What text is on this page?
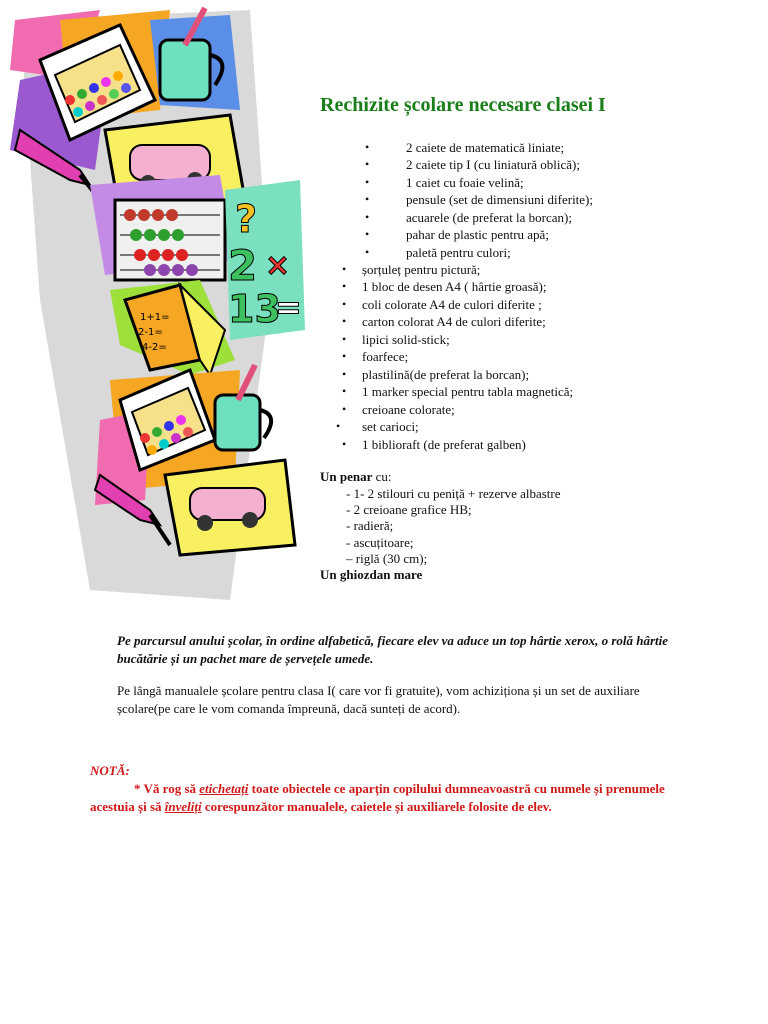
?
2 ×
13
=
1+1=
2-1=
4-2=
Rechizite școlare necesare clasei I
•	2 caiete de matematică liniate;
•	2 caiete tip I (cu liniatură oblică);
•	1 caiet cu foaie velină;
•	pensule (set de dimensiuni diferite);
•	acuarele (de preferat la borcan);
•	pahar de plastic pentru apă;
•	paletă pentru culori;
• șorțuleț pentru pictură;
• 1 bloc de desen A4 ( hârtie groasă);
• coli colorate A4 de culori diferite ;
• carton colorat A4 de culori diferite;
• lipici solid-stick;
• foarfece;
• plastilină(de preferat la borcan);
• 1 marker special pentru tabla magnetică;
• creioane colorate;
• set carioci;
• 1 biblioraft (de preferat galben)
Un penar cu:
- 1- 2 stilouri cu peniță + rezerve albastre
- 2 creioane grafice HB;
- radieră;
- ascuțitoare;
– riglă (30 cm);
Un ghiozdan mare

Pe parcursul anului școlar, în ordine alfabetică, fiecare elev va aduce un top hârtie xerox, o rolă hârtie bucătărie și un pachet mare de șervețele umede.

Pe lângă manualele școlare pentru clasa I( care vor fi gratuite), vom achiziționa și un set de auxiliare școlare(pe care le vom comanda împreună, dacă sunteți de acord).

NOTĂ:

* Vă rog să etichetați toate obiectele ce aparțin copilului dumneavoastră cu numele și prenumele acestuia și să înveliți corespunzător manualele, caietele și auxiliarele folosite de elev.
